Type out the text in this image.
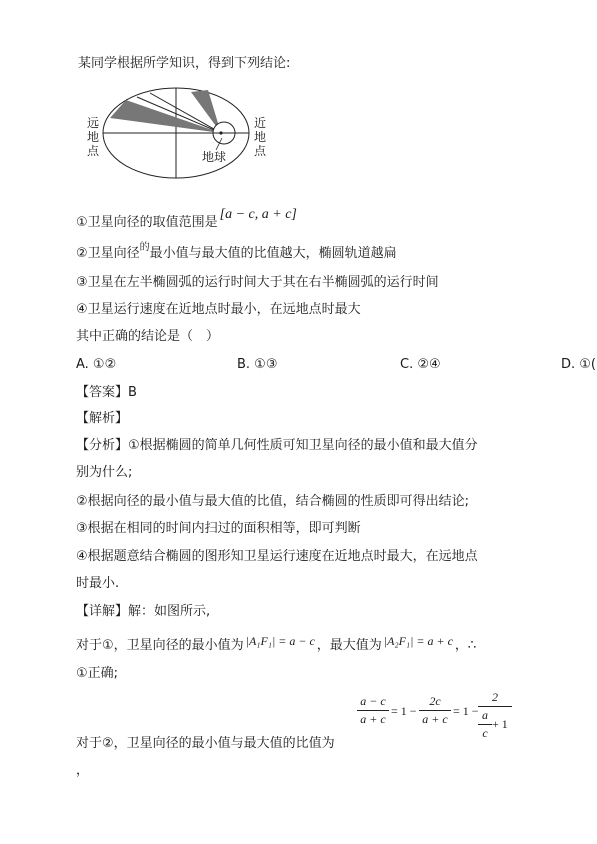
某同学根据所学知识，得到下列结论:
远
地
点
近
地
点
地球
①卫星向径的取值范围是[a − c, a + c]
②卫星向径$^的$最小值与最大值的比值越大，椭圆轨道越扁
③卫星在左半椭圆弧的运行时间大于其在右半椭圆弧的运行时间
④卫星运行速度在近地点时最小，在远地点时最大
其中正确的结论是（　）
A. ①②	B. ①③	C. ②④	D. ①(
【答案】B
【解析】
【分析】①根据椭圆的简单几何性质可知卫星向径的最小值和最大值分
别为什么;
②根据向径的最小值与最大值的比值，结合椭圆的性质即可得出结论;
③根据在相同的时间内扫过的面积相等，即可判断
④根据题意结合椭圆的图形知卫星运行速度在近地点时最大，在远地点
时最小.
【详解】解：如图所示,
对于①，卫星向径的最小值为 |A₁F₁| = a − c ，最大值为 |A₂F₁| = a + c ，∴
①正确;
a − c
a + c
= 1 −
2c
a + c
= 1 −
2
a
c
+ 1
对于②，卫星向径的最小值与最大值的比值为
，
